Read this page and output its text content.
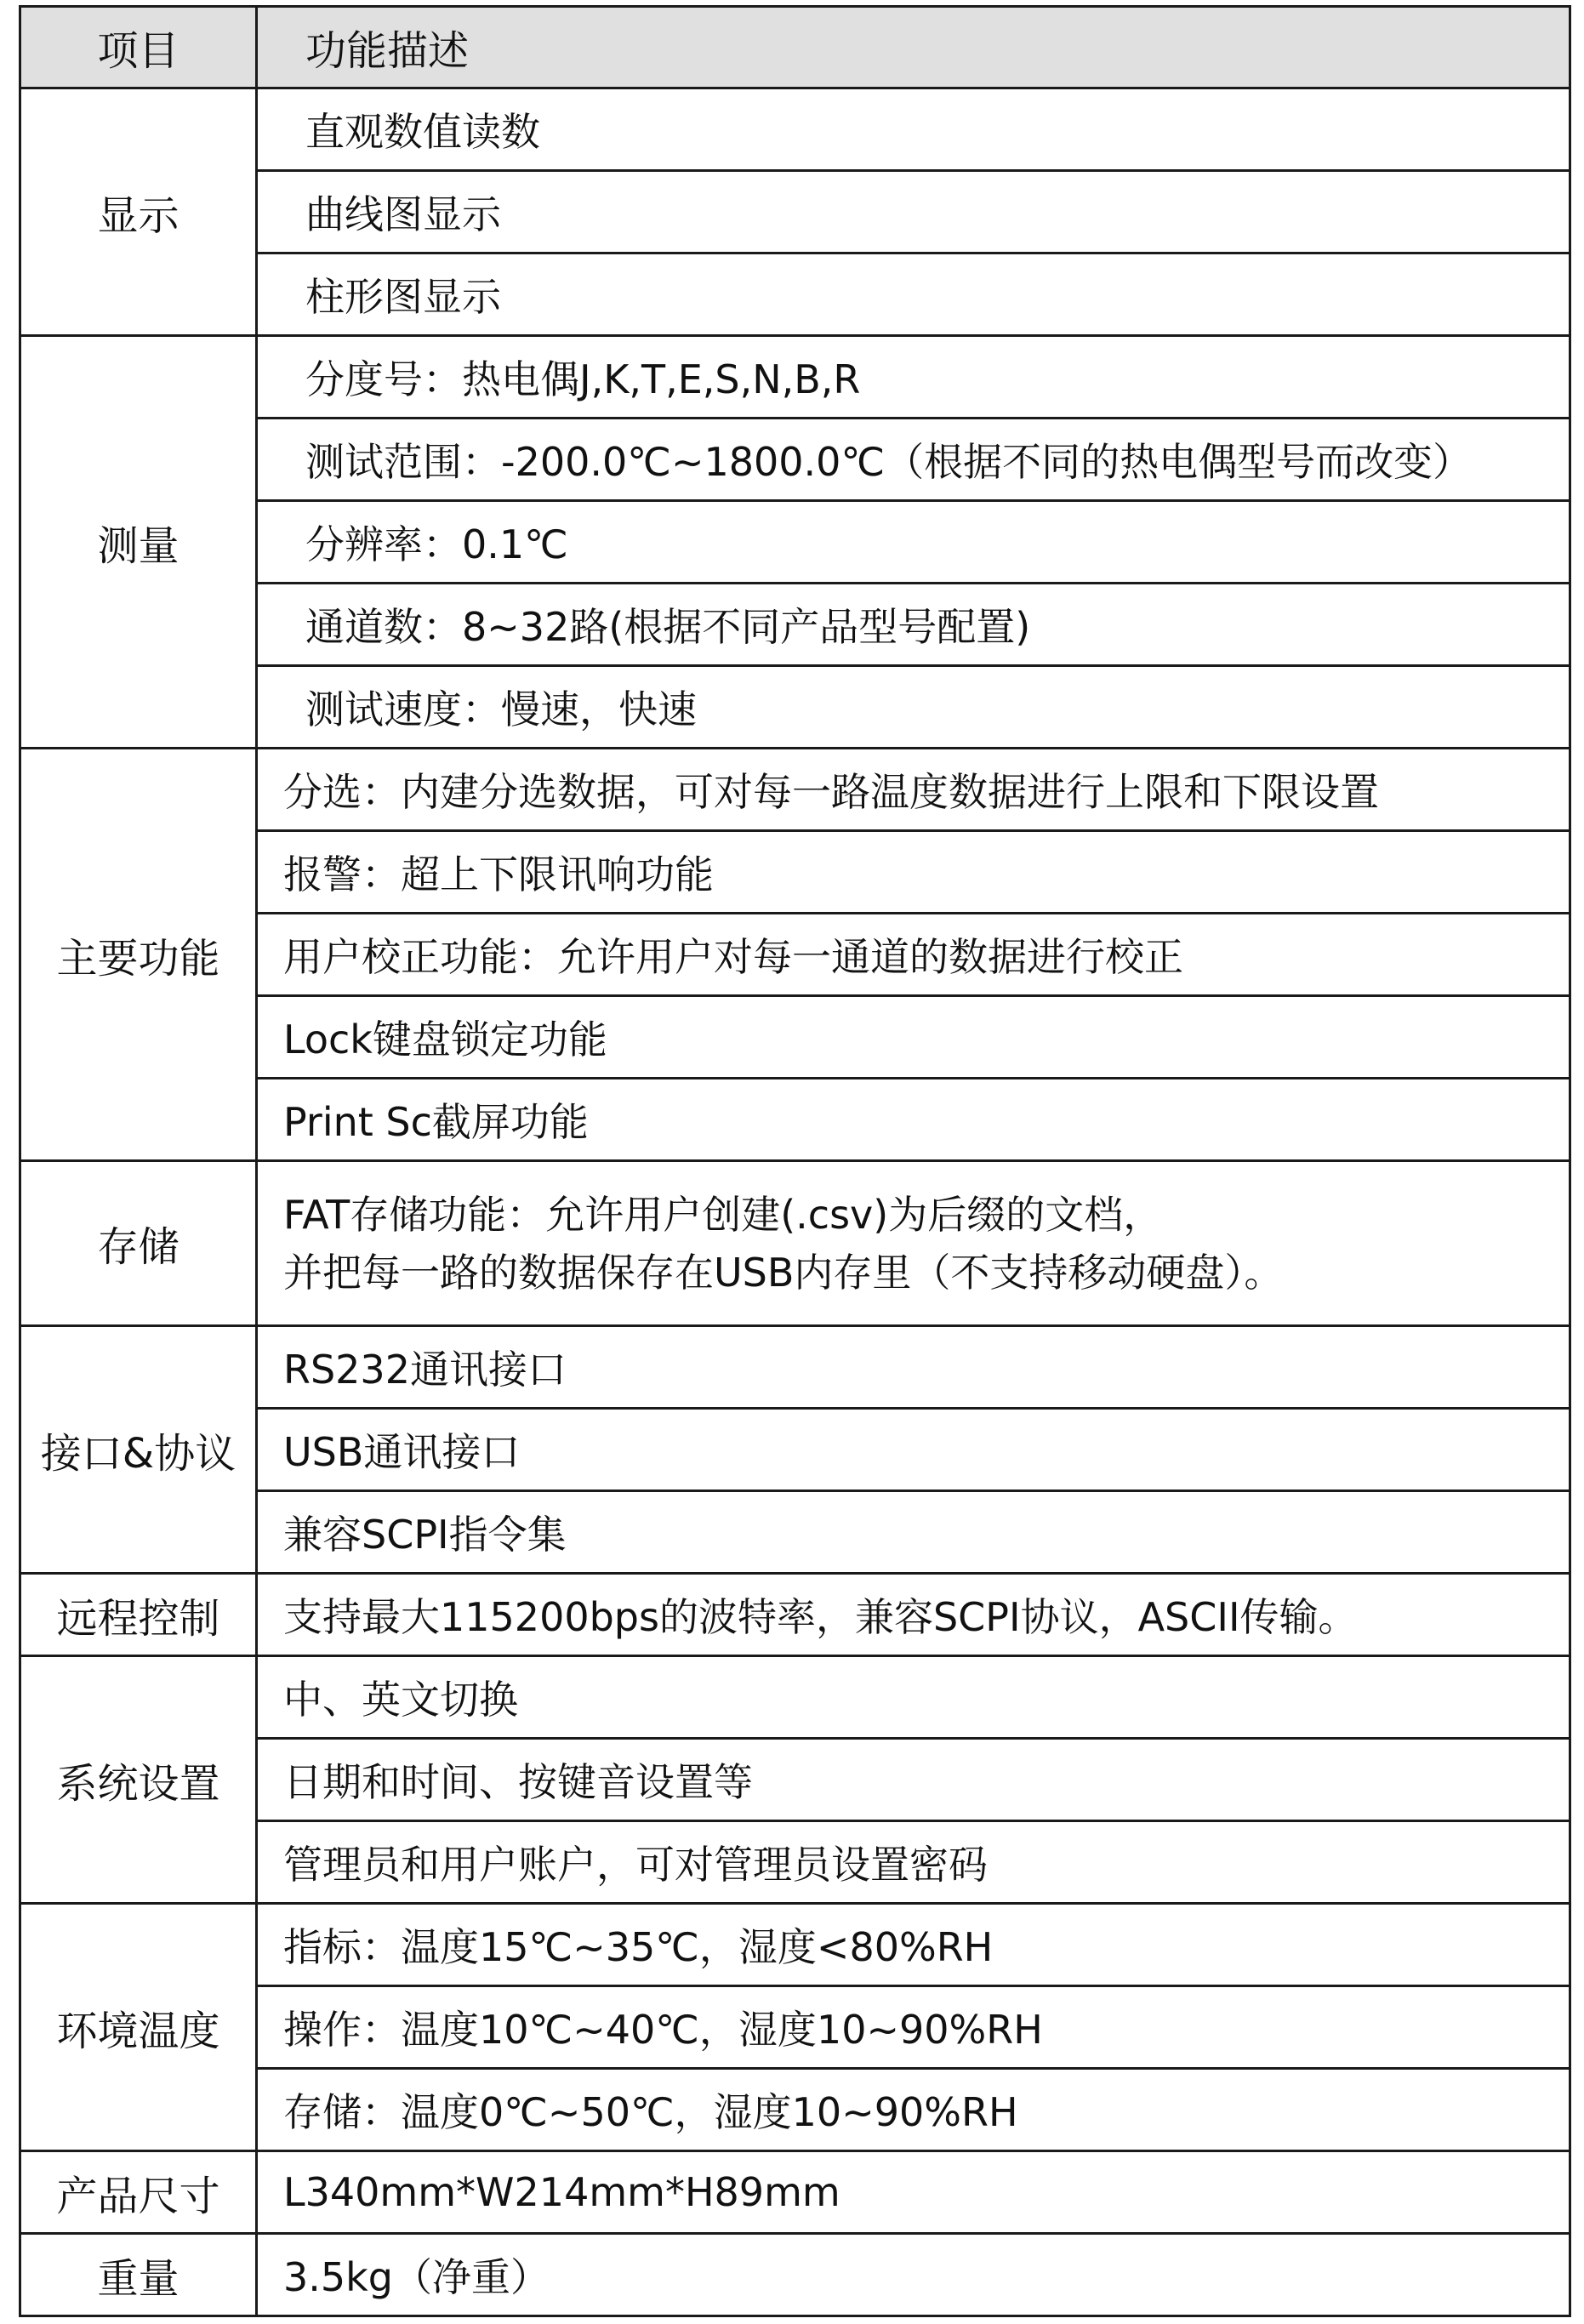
项目	功能描述
显示	直观数值读数
	曲线图显示
	柱形图显示
测量	分度号：热电偶J,K,T,E,S,N,B,R
	测试范围：-200.0℃~1800.0℃（根据不同的热电偶型号而改变）
	分辨率：0.1℃
	通道数：8~32路(根据不同产品型号配置)
	测试速度：慢速，快速
主要功能	分选：内建分选数据，可对每一路温度数据进行上限和下限设置
	报警：超上下限讯响功能
	用户校正功能：允许用户对每一通道的数据进行校正
	Lock键盘锁定功能
	Print Sc截屏功能
存储	FAT存储功能：允许用户创建(.csv)为后缀的文档，
并把每一路的数据保存在USB内存里（不支持移动硬盘）。

接口&协议	RS232通讯接口
	USB通讯接口
	兼容SCPI指令集
远程控制	支持最大115200bps的波特率，兼容SCPI协议，ASCII传输。
系统设置	中、英文切换
	日期和时间、按键音设置等
	管理员和用户账户，可对管理员设置密码
环境温度	指标：温度15℃~35℃，湿度<80%RH
	操作：温度10℃~40℃，湿度10~90%RH
	存储：温度0℃~50℃，湿度10~90%RH
产品尺寸	L340mm*W214mm*H89mm
重量	3.5kg（净重）
